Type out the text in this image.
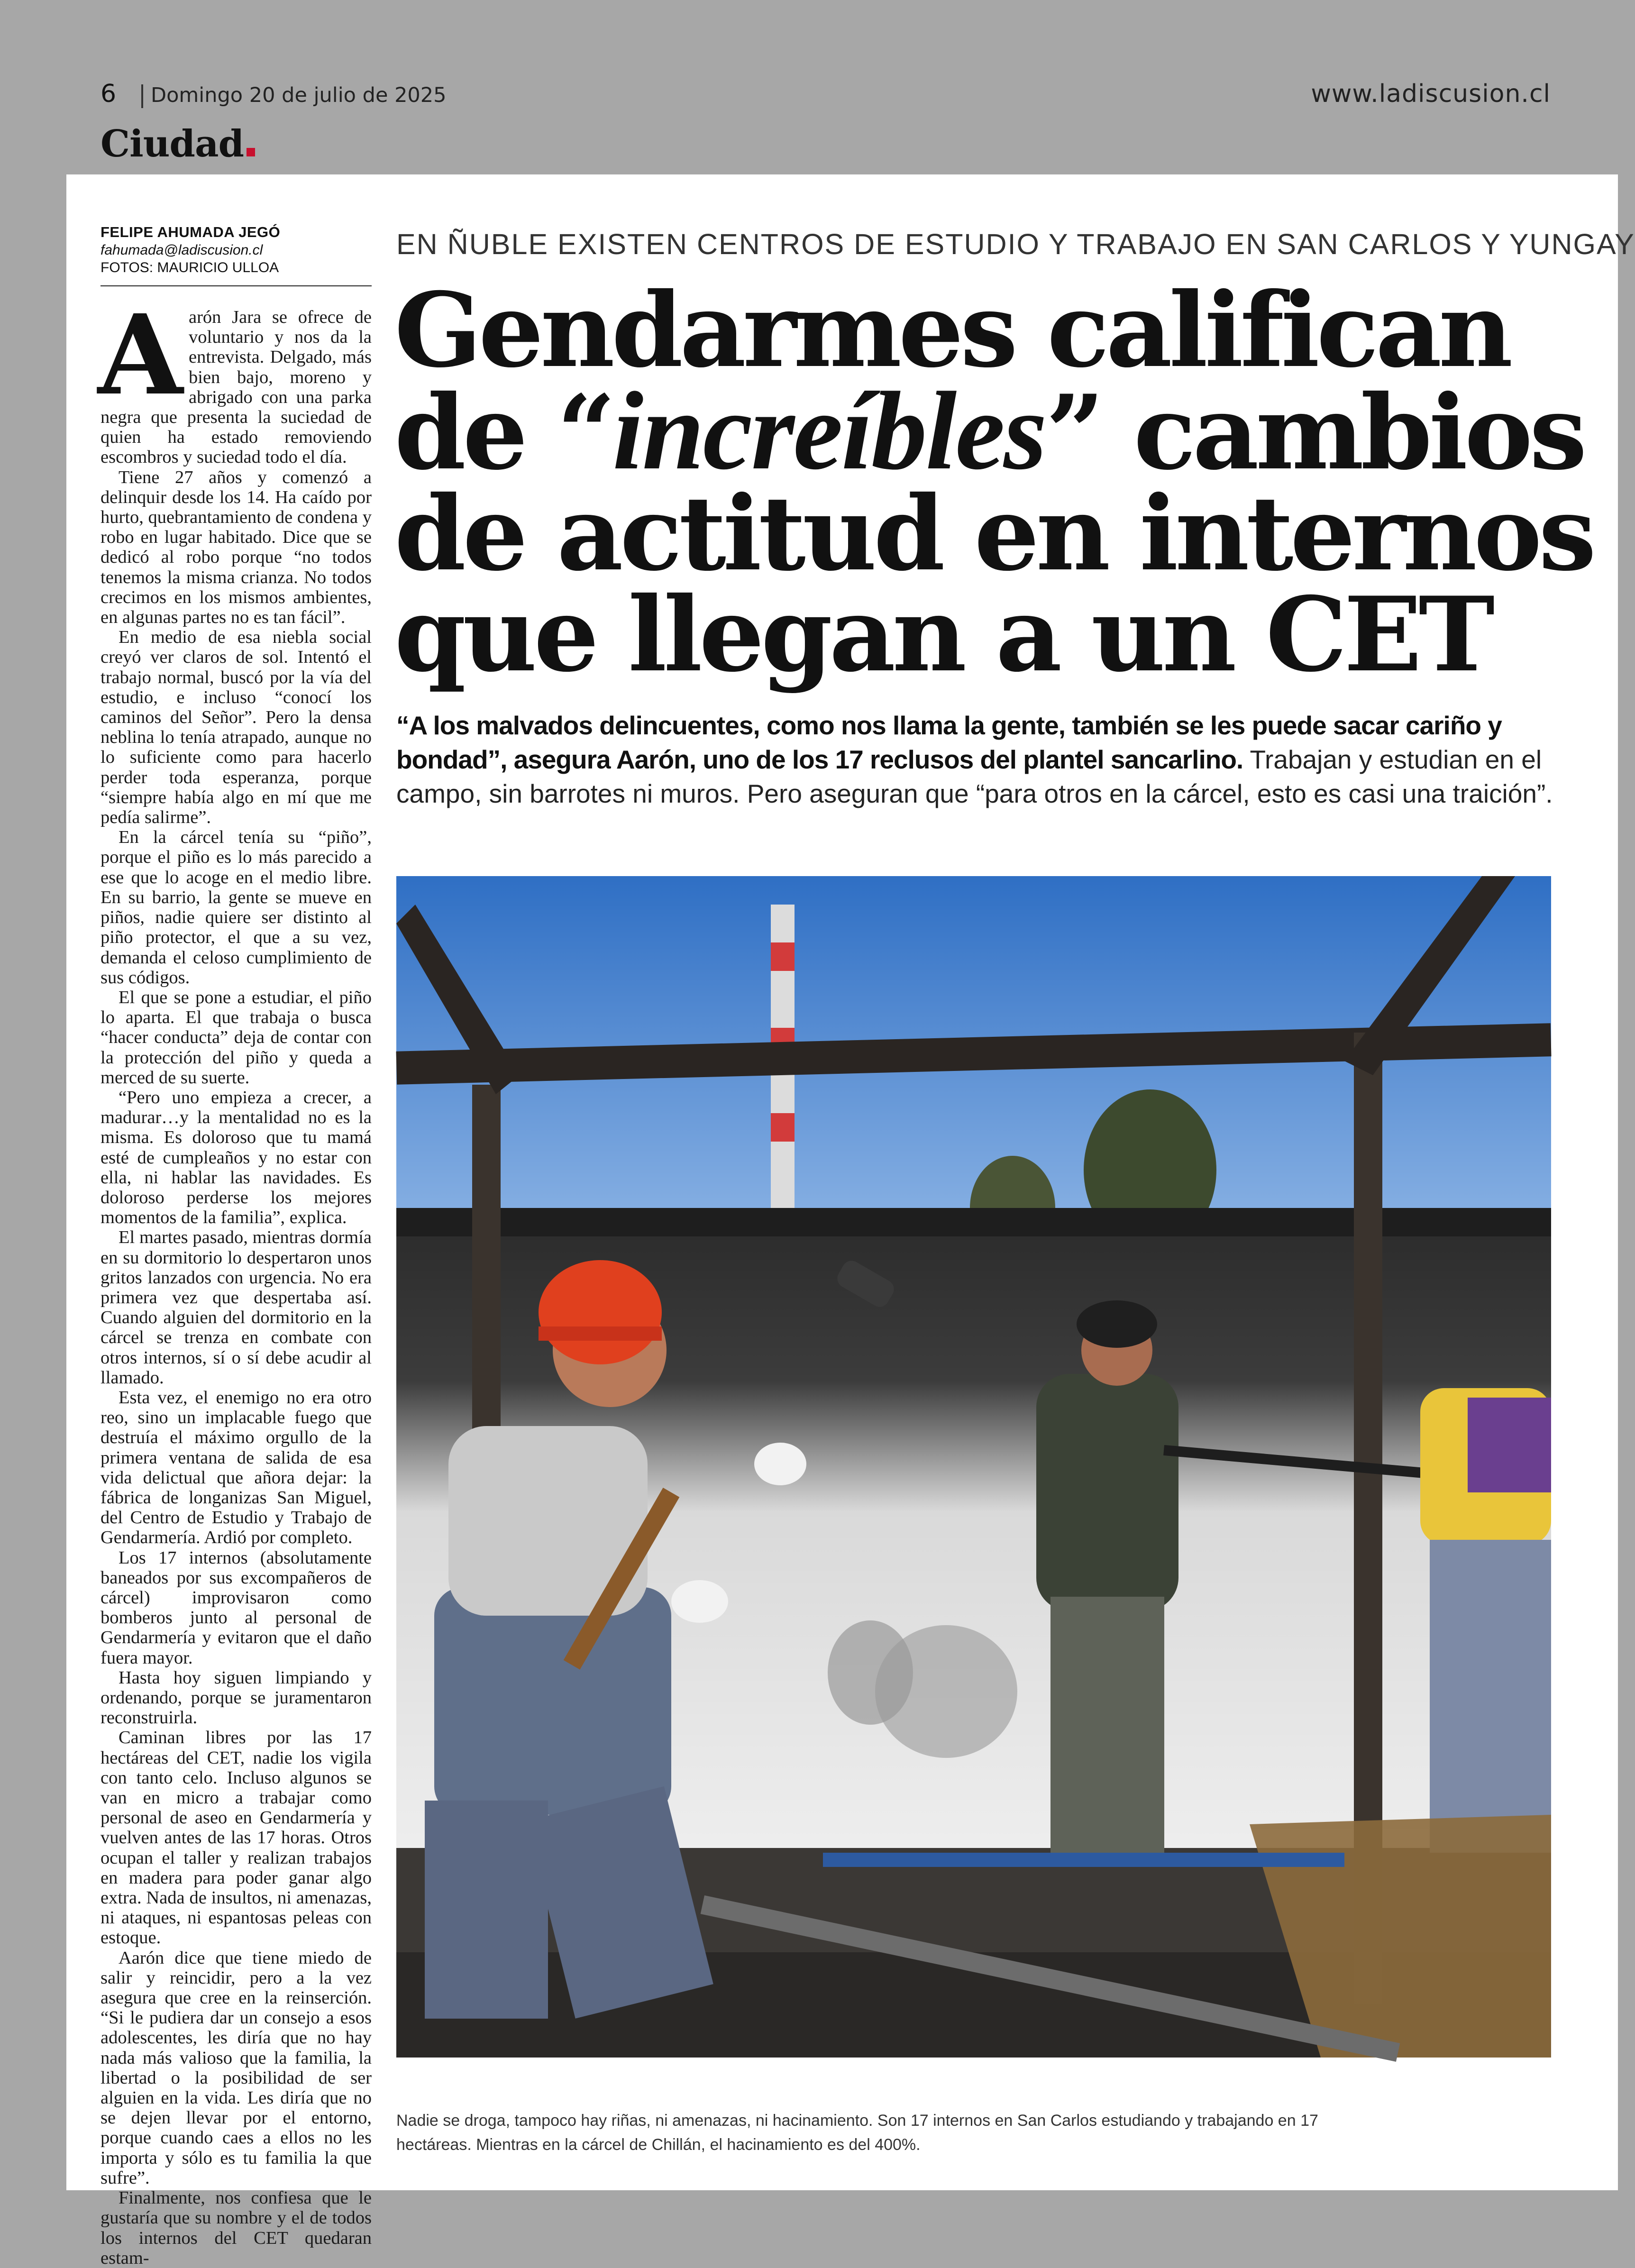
6 Domingo 20 de julio de 2025	www.ladiscusion.cl
Ciudad
FELIPE AHUMADA JEGÓ
fahumada@ladiscusion.cl
FOTOS: MAURICIO ULLOA

Aarón Jara se ofrece de voluntario y nos da la entrevista. Delgado, más bien bajo, moreno y abrigado con una parka negra que presenta la suciedad de quien ha estado removiendo escombros y suciedad todo el día.

Tiene 27 años y comenzó a delinquir desde los 14. Ha caído por hurto, quebrantamiento de condena y robo en lugar habitado. Dice que se dedicó al robo porque “no todos tenemos la misma crianza. No todos crecimos en los mismos ambientes, en algunas partes no es tan fácil”.

En medio de esa niebla social creyó ver claros de sol. Intentó el trabajo normal, buscó por la vía del estudio, e incluso “conocí los caminos del Señor”. Pero la densa neblina lo tenía atrapado, aunque no lo suficiente como para hacerlo perder toda esperanza, porque “siempre había algo en mí que me pedía salirme”.

En la cárcel tenía su “piño”, porque el piño es lo más parecido a ese que lo acoge en el medio libre. En su barrio, la gente se mueve en piños, nadie quiere ser distinto al piño protector, el que a su vez, demanda el celoso cumplimiento de sus códigos.

El que se pone a estudiar, el piño lo aparta. El que trabaja o busca “hacer conducta” deja de contar con la protección del piño y queda a merced de su suerte.

“Pero uno empieza a crecer, a madurar…y la mentalidad no es la misma. Es doloroso que tu mamá esté de cumpleaños y no estar con ella, ni hablar las navidades. Es doloroso perderse los mejores momentos de la familia”, explica.

El martes pasado, mientras dormía en su dormitorio lo despertaron unos gritos lanzados con urgencia. No era primera vez que despertaba así. Cuando alguien del dormitorio en la cárcel se trenza en combate con otros internos, sí o sí debe acudir al llamado.

Esta vez, el enemigo no era otro reo, sino un implacable fuego que destruía el máximo orgullo de la primera ventana de salida de esa vida delictual que añora dejar: la fábrica de longanizas San Miguel, del Centro de Estudio y Trabajo de Gendarmería. Ardió por completo.

Los 17 internos (absolutamente baneados por sus excompañeros de cárcel) improvisaron como bomberos junto al personal de Gendarmería y evitaron que el daño fuera mayor.

Hasta hoy siguen limpiando y ordenando, porque se juramentaron reconstruirla.

Caminan libres por las 17 hectáreas del CET, nadie los vigila con tanto celo. Incluso algunos se van en micro a trabajar como personal de aseo en Gendarmería y vuelven antes de las 17 horas. Otros ocupan el taller y realizan trabajos en madera para poder ganar algo extra. Nada de insultos, ni amenazas, ni ataques, ni espantosas peleas con estoque.

Aarón dice que tiene miedo de salir y reincidir, pero a la vez asegura que cree en la reinserción. “Si le pudiera dar un consejo a esos adolescentes, les diría que no hay nada más valioso que la familia, la libertad o la posibilidad de ser alguien en la vida. Les diría que no se dejen llevar por el entorno, porque cuando caes a ellos no les importa y sólo es tu familia la que sufre”.

Finalmente, nos confiesa que le gustaría que su nombre y el de todos los internos del CET quedaran estam-

EN ÑUBLE EXISTEN CENTROS DE ESTUDIO Y TRABAJO EN SAN CARLOS Y YUNGAY
Gendarmes califican
de “increíbles” cambios
de actitud en internos
que llegan a un CET
“A los malvados delincuentes, como nos llama la gente, también se les puede sacar cariño y bondad”, asegura Aarón, uno de los 17 reclusos del plantel sancarlino. Trabajan y estudian en el campo, sin barrotes ni muros. Pero aseguran que “para otros en la cárcel, esto es casi una traición”.
Nadie se droga, tampoco hay riñas, ni amenazas, ni hacinamiento. Son 17 internos en San Carlos estudiando y trabajando en 17 hectáreas. Mientras en la cárcel de Chillán, el hacinamiento es del 400%.
